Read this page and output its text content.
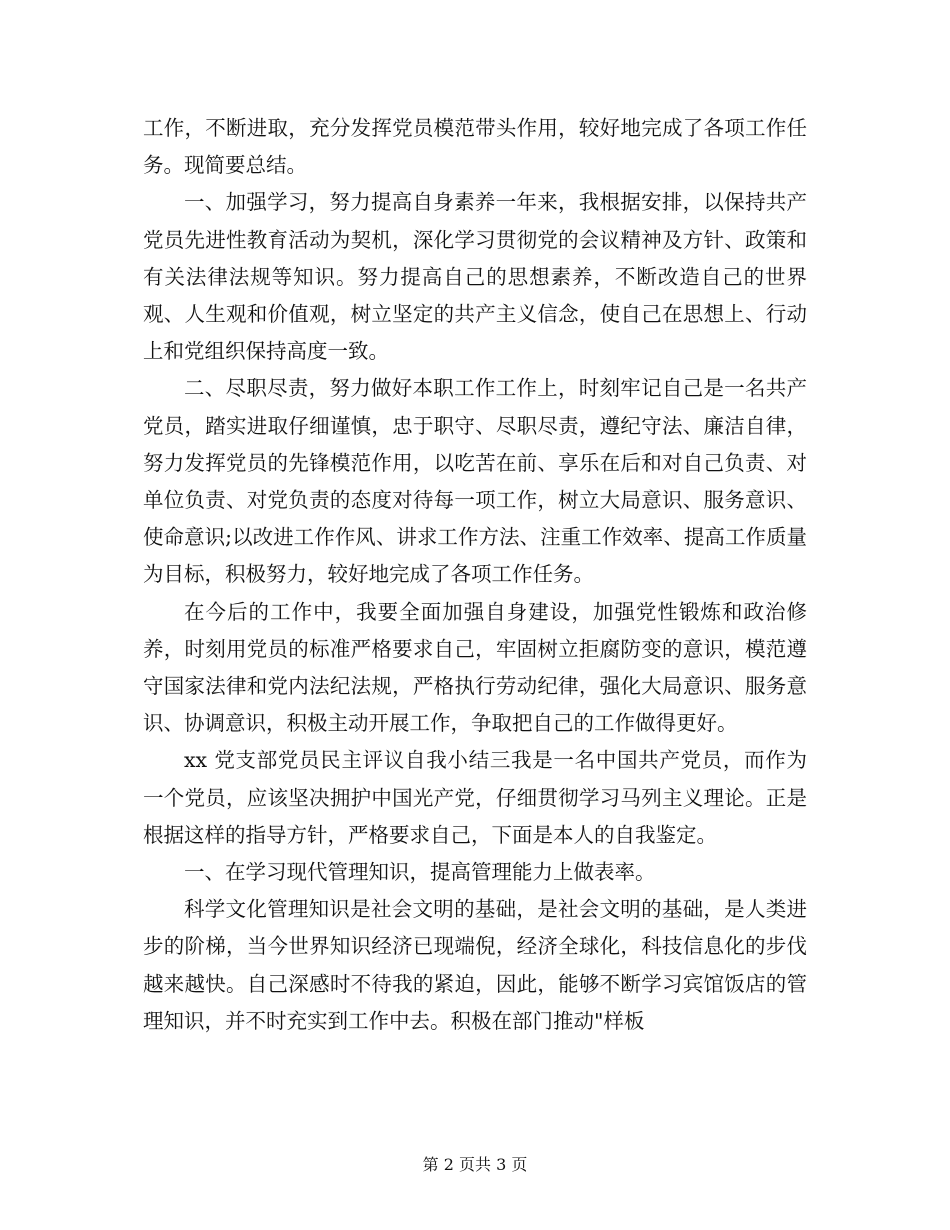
工作，不断进取，充分发挥党员模范带头作用，较好地完成了各项工作任务。现简要总结。

一、加强学习，努力提高自身素养一年来，我根据安排，以保持共产党员先进性教育活动为契机，深化学习贯彻党的会议精神及方针、政策和有关法律法规等知识。努力提高自己的思想素养，不断改造自己的世界观、人生观和价值观，树立坚定的共产主义信念，使自己在思想上、行动上和党组织保持高度一致。

二、尽职尽责，努力做好本职工作工作上，时刻牢记自己是一名共产党员，踏实进取仔细谨慎，忠于职守、尽职尽责，遵纪守法、廉洁自律，努力发挥党员的先锋模范作用，以吃苦在前、享乐在后和对自己负责、对单位负责、对党负责的态度对待每一项工作，树立大局意识、服务意识、使命意识;以改进工作作风、讲求工作方法、注重工作效率、提高工作质量为目标，积极努力，较好地完成了各项工作任务。

在今后的工作中，我要全面加强自身建设，加强党性锻炼和政治修养，时刻用党员的标准严格要求自己，牢固树立拒腐防变的意识，模范遵守国家法律和党内法纪法规，严格执行劳动纪律，强化大局意识、服务意识、协调意识，积极主动开展工作，争取把自己的工作做得更好。

xx 党支部党员民主评议自我小结三我是一名中国共产党员，而作为一个党员，应该坚决拥护中国光产党，仔细贯彻学习马列主义理论。正是根据这样的指导方针，严格要求自己，下面是本人的自我鉴定。

一、在学习现代管理知识，提高管理能力上做表率。

科学文化管理知识是社会文明的基础，是社会文明的基础，是人类进步的阶梯，当今世界知识经济已现端倪，经济全球化，科技信息化的步伐越来越快。自己深感时不待我的紧迫，因此，能够不断学习宾馆饭店的管理知识，并不时充实到工作中去。积极在部门推动"样板

第 2 页共 3 页
